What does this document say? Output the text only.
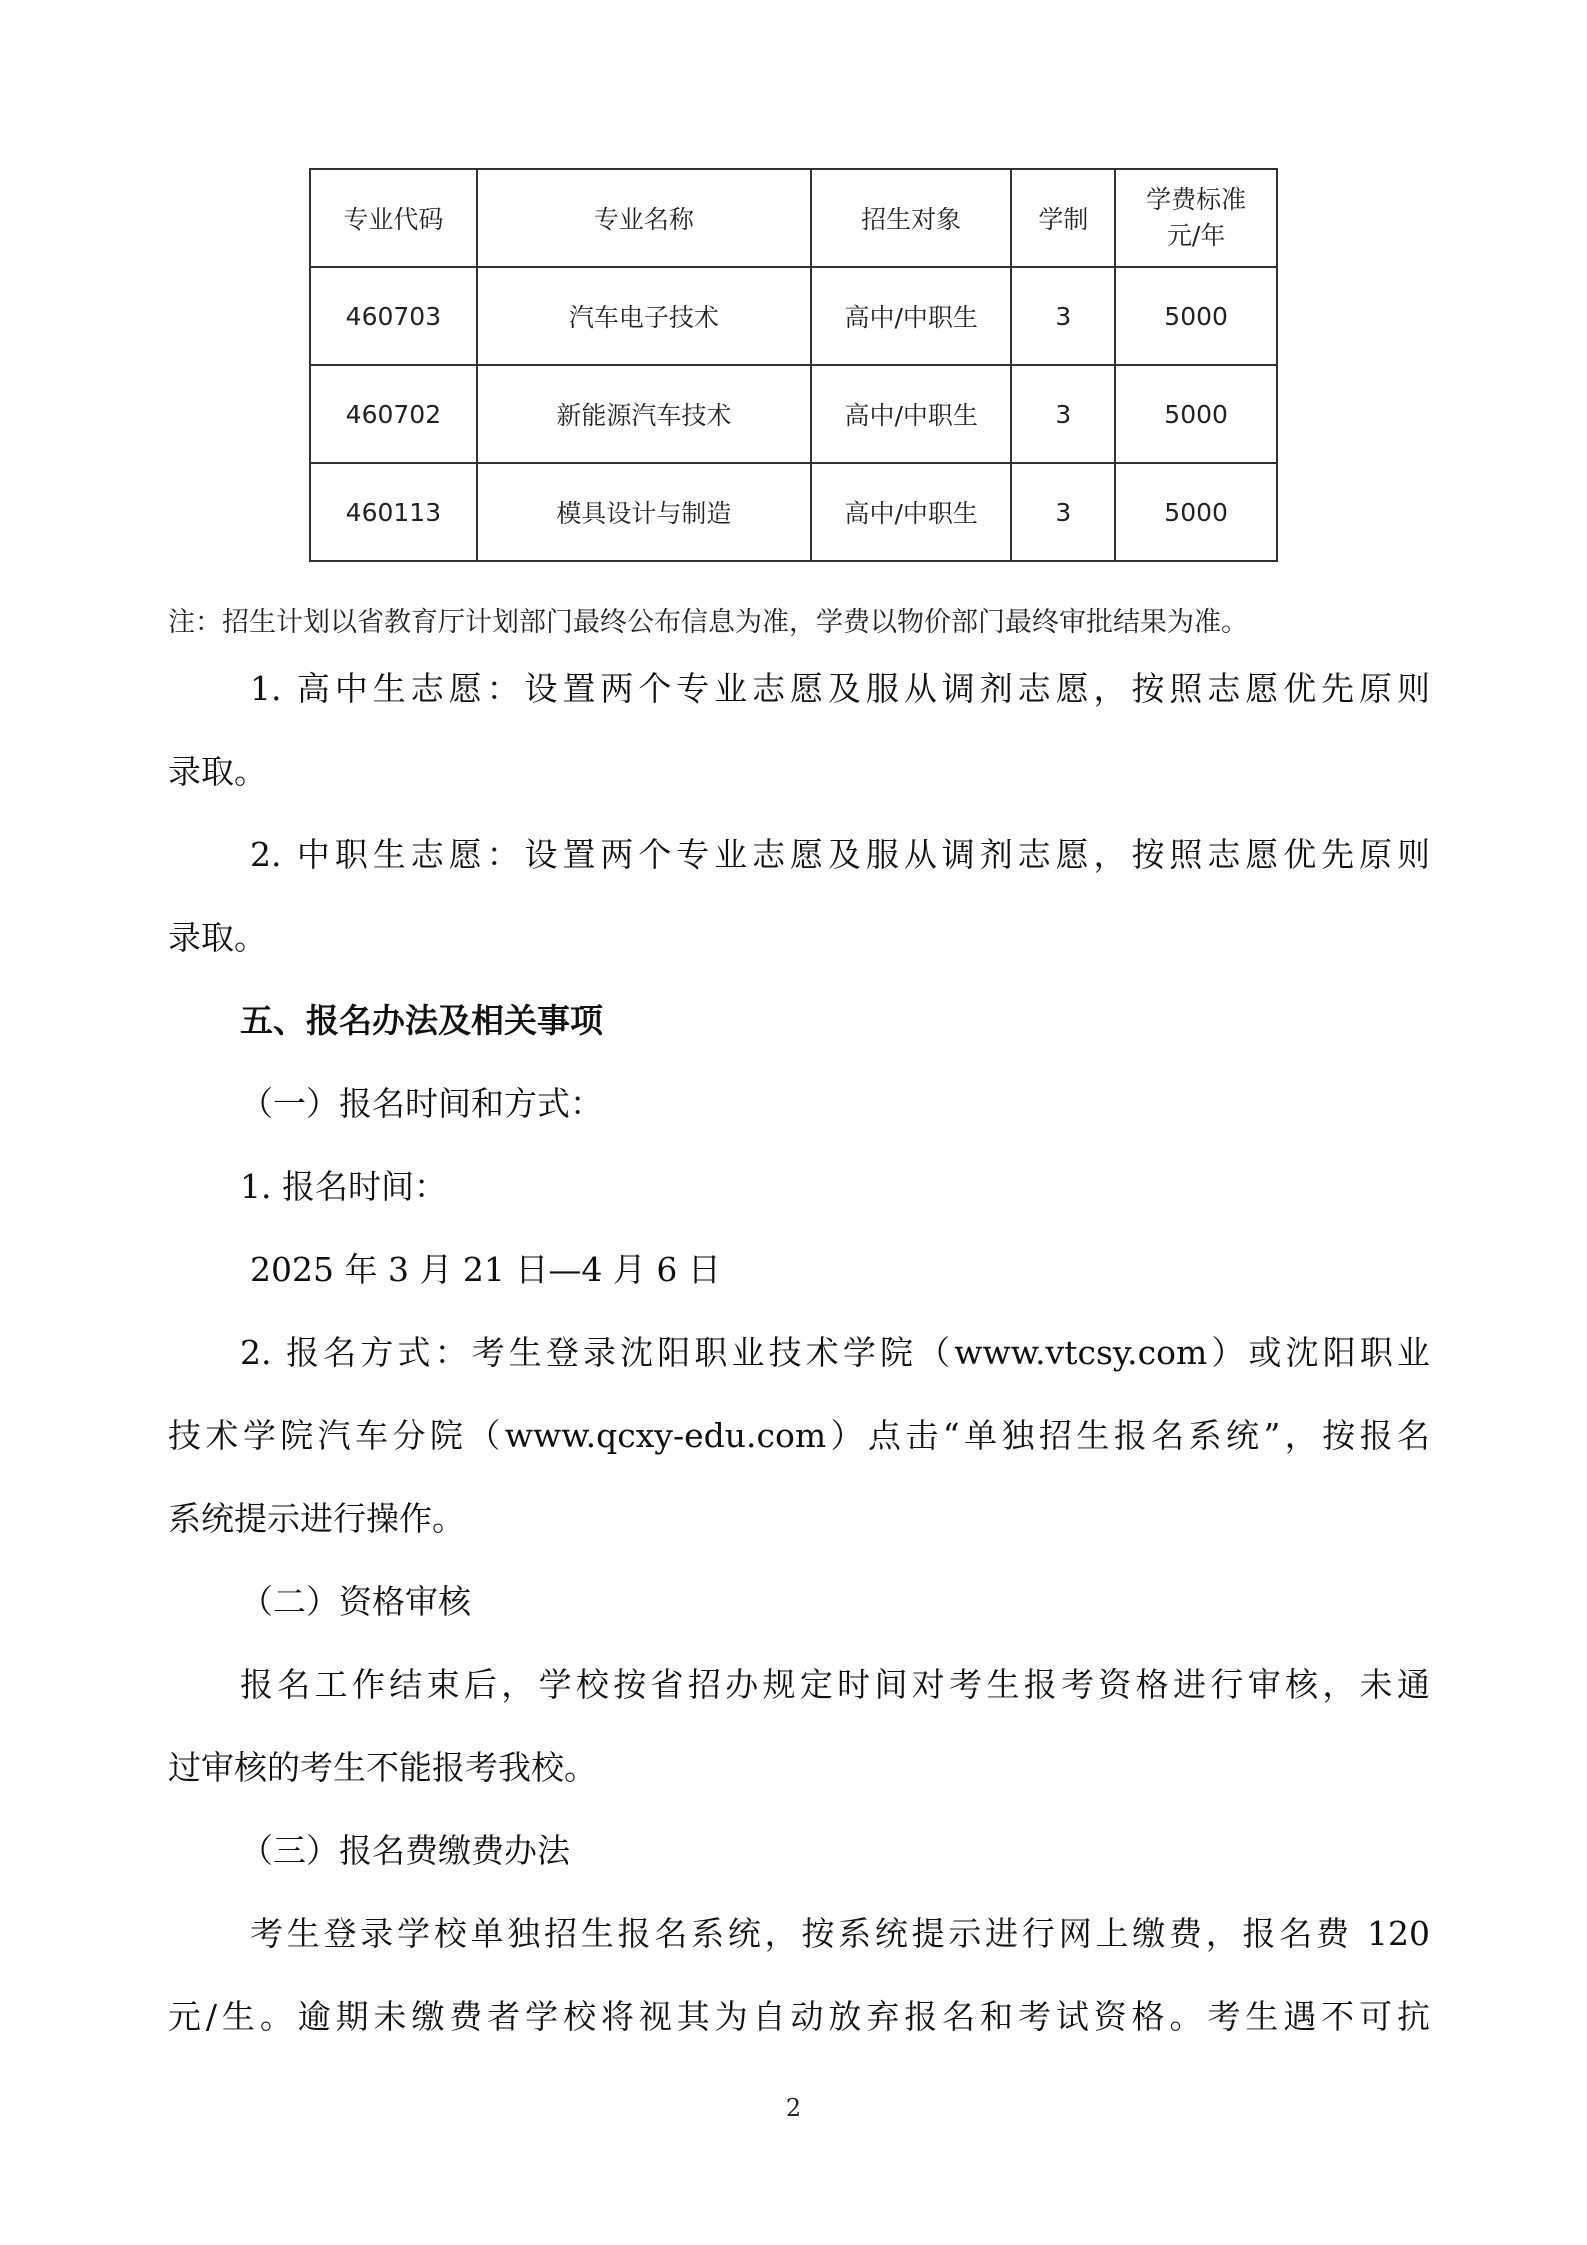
专业代码	专业名称	招生对象	学制	学费标准
元/年

460703	汽车电子技术	高中/中职生	3	5000
460702	新能源汽车技术	高中/中职生	3	5000
460113	模具设计与制造	高中/中职生	3	5000
注：招生计划以省教育厅计划部门最终公布信息为准，学费以物价部门最终审批结果为准。
1. 高中生志愿：设置两个专业志愿及服从调剂志愿，按照志愿优先原则
录取。
2. 中职生志愿：设置两个专业志愿及服从调剂志愿，按照志愿优先原则
录取。
五、报名办法及相关事项
（一）报名时间和方式：
1. 报名时间：
2025 年 3 月 21 日—4 月 6 日
2. 报名方式：考生登录沈阳职业技术学院（www.vtcsy.com）或沈阳职业
技术学院汽车分院（www.qcxy-edu.com）点击“单独招生报名系统”，按报名
系统提示进行操作。
（二）资格审核
报名工作结束后，学校按省招办规定时间对考生报考资格进行审核，未通
过审核的考生不能报考我校。
（三）报名费缴费办法
考生登录学校单独招生报名系统，按系统提示进行网上缴费，报名费 120
元/生。逾期未缴费者学校将视其为自动放弃报名和考试资格。考生遇不可抗
2
